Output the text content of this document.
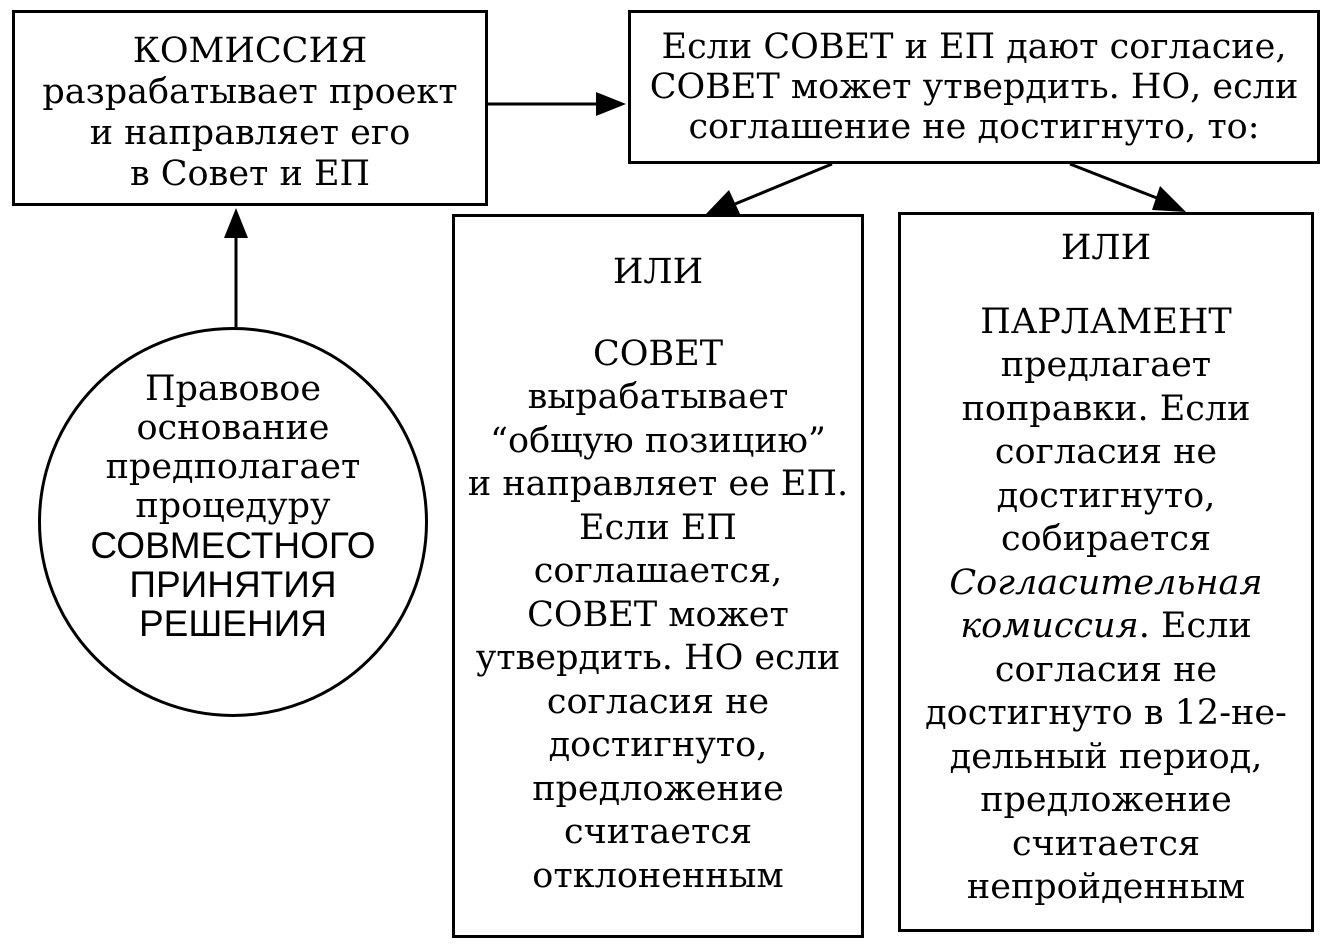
КОМИССИЯ
разрабатывает проект
и направляет его
в Совет и ЕП
Если СОВЕТ и ЕП дают согласие,
СОВЕТ может утвердить. НО, если
соглашение не достигнуто, то:
Правовое
основание
предполагает
процедуру
СОВМЕСТНОГО
ПРИНЯТИЯ
РЕШЕНИЯ
ИЛИ
СОВЕТ
вырабатывает
“общую позицию”
и направляет ее ЕП.
Если ЕП
соглашается,
СОВЕТ может
утвердить. НО если
согласия не
достигнуто,
предложение
считается
отклоненным
ИЛИ
ПАРЛАМЕНТ
предлагает
поправки. Если
согласия не
достигнуто,
собирается
Согласительная
комиссия. Если
согласия не
достигнуто в 12-не-
дельный период,
предложение
считается
непройденным
